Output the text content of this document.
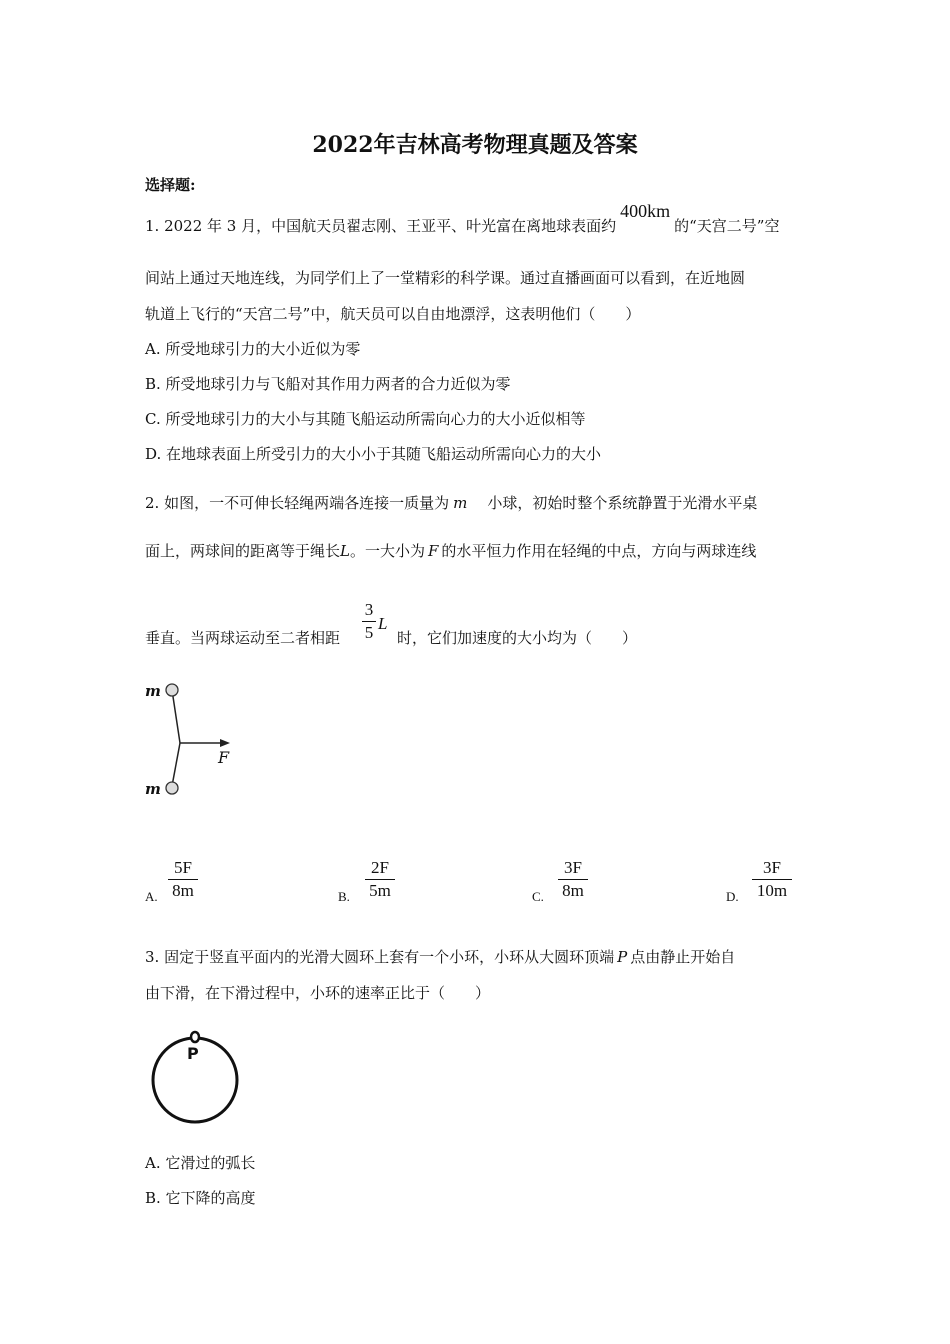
2022年吉林高考物理真题及答案
选择题:
1. 2022 年 3 月，中国航天员翟志刚、王亚平、叶光富在离地球表面约400km的“天宫二号”空
间站上通过天地连线，为同学们上了一堂精彩的科学课。通过直播画面可以看到，在近地圆
轨道上飞行的“天宫二号”中，航天员可以自由地漂浮，这表明他们（　　）
A. 所受地球引力的大小近似为零
B. 所受地球引力与飞船对其作用力两者的合力近似为零
C. 所受地球引力的大小与其随飞船运动所需向心力的大小近似相等
D. 在地球表面上所受引力的大小小于其随飞船运动所需向心力的大小
2. 如图，一不可伸长轻绳两端各连接一质量为 m 小球，初始时整个系统静置于光滑水平桌
面上，两球间的距离等于绳长L。一大小为 F 的水平恒力作用在轻绳的中点，方向与两球连线
垂直。当两球运动至二者相距
3
5 L
时，它们加速度的大小均为（　　）
m
m
F
A.
5F
8m	B.
2F
5m	C.
3F
8m	D.
3F
10m
3. 固定于竖直平面内的光滑大圆环上套有一个小环，小环从大圆环顶端 P 点由静止开始自
由下滑，在下滑过程中，小环的速率正比于（　　）
P
A. 它滑过的弧长
B. 它下降的高度
